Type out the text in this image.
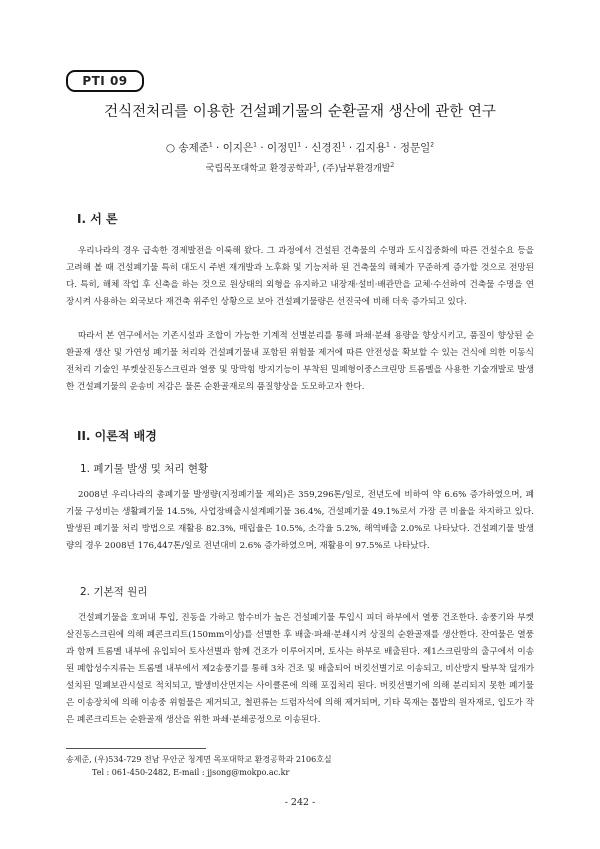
PTI 09
건식전처리를 이용한 건설폐기물의 순환골재 생산에 관한 연구
○ 송제준$^1$ · 이지은$^1$ · 이정민$^1$ · 신경진$^1$ · 김지용$^1$ · 정문일$^2$
국립목포대학교 환경공학과$^1$, (주)남부환경개발$^2$
I. 서 론
우리나라의 경우 급속한 경제발전을 이룩해 왔다. 그 과정에서 건설된 건축물의 수명과 도시집중화에 따른 건설수요 등을 고려해 볼 때 건설폐기물 특히 대도시 주변 재개발과 노후화 및 기능저하 된 건축물의 해체가 꾸준하게 증가할 것으로 전망된다. 특히, 해체 작업 후 신축을 하는 것으로 원상태의 외형을 유지하고 내장재·설비·배관만을 교체·수선하여 건축물 수명을 연장시켜 사용하는 외국보다 재건축 위주인 상황으로 보아 건설폐기물량은 선진국에 비해 더욱 증가되고 있다.
따라서 본 연구에서는 기존시설과 조합이 가능한 기계적 선별분리를 통해 파쇄·분쇄 용량을 향상시키고, 품질이 향상된 순환골재 생산 및 가연성 폐기물 처리와 건설폐기물내 포함된 위험물 제거에 따른 안전성을 확보할 수 있는 건식에 의한 이동식 전처리 기술인 부켓살진동스크린과 열풍 및 망막힘 방지기능이 부착된 밀폐형이중스크린망 트롬멜을 사용한 기술개발로 발생한 건설폐기물의 운송비 저감은 물론 순환골재로의 품질향상을 도모하고자 한다.
II. 이론적 배경
1. 폐기물 발생 및 처리 현황
2008년 우리나라의 총폐기물 발생량(지정폐기물 제외)은 359,296톤/일로, 전년도에 비하여 약 6.6% 증가하였으며, 폐기물 구성비는 생활폐기물 14.5%, 사업장배출시설계폐기물 36.4%, 건설폐기물 49.1%로서 가장 큰 비율을 차지하고 있다. 발생된 폐기물 처리 방법으로 재활용 82.3%, 매립율은 10.5%, 소각율 5.2%, 해역배출 2.0%로 나타났다. 건설폐기물 발생량의 경우 2008년 176,447톤/일로 전년대비 2.6% 증가하였으며, 재활용이 97.5%로 나타났다.
2. 기본적 원리
건설폐기물을 호퍼내 투입, 진동을 가하고 함수비가 높은 건설폐기물 투입시 피더 하부에서 열풍 건조한다. 송풍기와 부켓살진동스크린에 의해 폐콘크리트(150mm이상)를 선별한 후 배출·파쇄·분쇄시켜 상질의 순환골재를 생산한다. 잔여물은 열풍과 함께 트롬멜 내부에 유입되어 토사선별과 함께 건조가 이루어지며, 토사는 하부로 배출된다. 제1스크린망의 출구에서 이송된 폐합성수지류는 트롬멜 내부에서 제2송풍기를 통해 3차 건조 및 배출되어 버킷선별기로 이송되고, 비산방지 탈부착 덮개가 설치된 밀폐보관시설로 적치되고, 발생비산먼지는 사이클론에 의해 포집처리 된다. 버킷선별기에 의해 분리되지 못한 폐기물은 이송장치에 의해 이송중 위험물은 제거되고, 철편류는 드럼자석에 의해 제거되며, 기타 목재는 톱밥의 원자재로, 입도가 작은 폐콘크리트는 순환골재 생산을 위한 파쇄·분쇄공정으로 이송된다.
송제준, (우)534-729 전남 무안군 청계면 목포대학교 환경공학과 2106호실
Tel : 061-450-2482, E-mail : jjsong@mokpo.ac.kr
- 242 -
